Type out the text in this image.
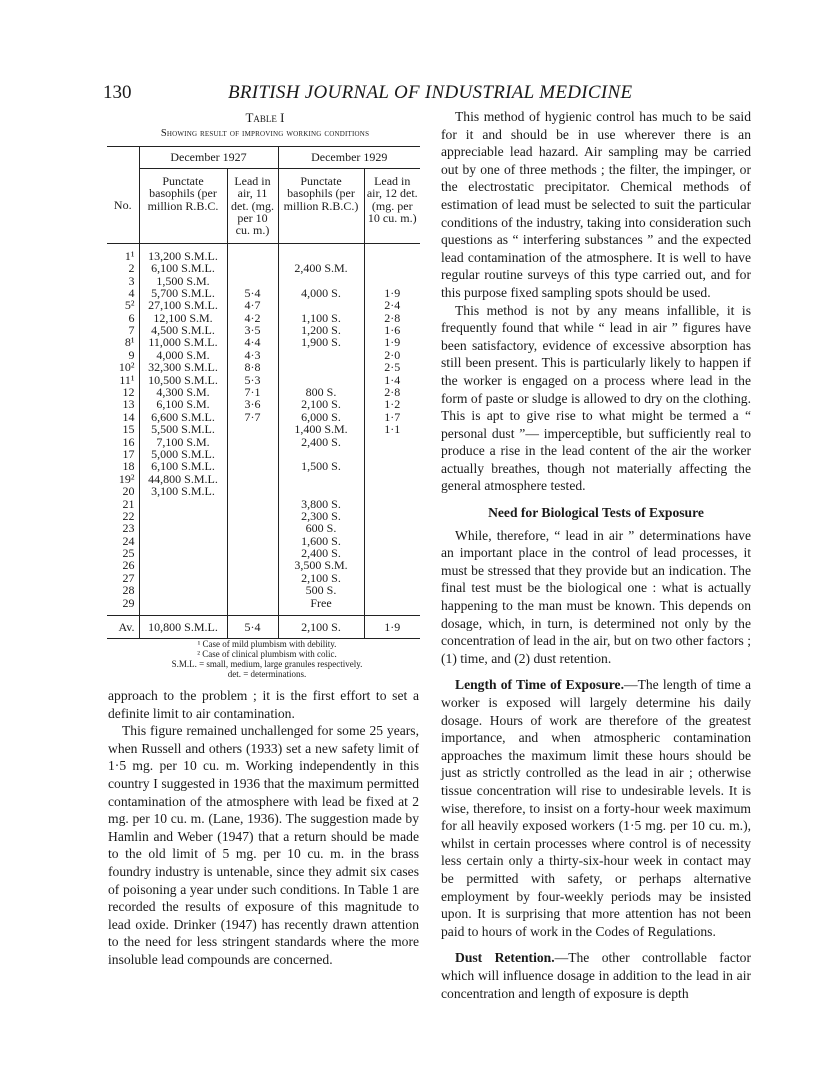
130	BRITISH JOURNAL OF INDUSTRIAL MEDICINE
Table I
Showing result of improving working conditions
	December 1927		December 1929	
No.	Punctate basophils (per million R.B.C.	Lead in air, 11 det. (mg. per 10 cu. m.)	Punctate basophils (per million R.B.C.)	Lead in air, 12 det. (mg. per 10 cu. m.)

1¹	13,200 S.M.L.			
2	6,100 S.M.L.		2,400 S.M.	
3	1,500 S.M.			
4	5,700 S.M.L.	5·4	4,000 S.	1·9
5²	27,100 S.M.L.	4·7		2·4
6	12,100 S.M.	4·2	1,100 S.	2·8
7	4,500 S.M.L.	3·5	1,200 S.	1·6
8¹	11,000 S.M.L.	4·4	1,900 S.	1·9
9	4,000 S.M.	4·3		2·0
10²	32,300 S.M.L.	8·8		2·5
11¹	10,500 S.M.L.	5·3		1·4
12	4,300 S.M.	7·1	800 S.	2·8
13	6,100 S.M.	3·6	2,100 S.	1·2
14	6,600 S.M.L.	7·7	6,000 S.	1·7
15	5,500 S.M.L.		1,400 S.M.	1·1
16	7,100 S.M.		2,400 S.	
17	5,000 S.M.L.			
18	6,100 S.M.L.		1,500 S.	
19²	44,800 S.M.L.			
20	3,100 S.M.L.			
21			3,800 S.	
22			2,300 S.	
23			600 S.	
24			1,600 S.	
25			2,400 S.	
26			3,500 S.M.	
27			2,100 S.	
28			500 S.	
29			Free	

Av.	10,800 S.M.L.	5·4	2,100 S.	1·9
¹ Case of mild plumbism with debility.
² Case of clinical plumbism with colic.
S.M.L. = small, medium, large granules respectively.
det. = determinations.

approach to the problem ; it is the first effort to set a definite limit to air contamination.

This figure remained unchallenged for some 25 years, when Russell and others (1933) set a new safety limit of 1·5 mg. per 10 cu. m. Working independently in this country I suggested in 1936 that the maximum permitted contamination of the atmosphere with lead be fixed at 2 mg. per 10 cu. m. (Lane, 1936). The suggestion made by Hamlin and Weber (1947) that a return should be made to the old limit of 5 mg. per 10 cu. m. in the brass foundry industry is untenable, since they admit six cases of poisoning a year under such conditions. In Table 1 are recorded the results of exposure of this magnitude to lead oxide. Drinker (1947) has recently drawn attention to the need for less stringent standards where the more insoluble lead compounds are concerned.

This method of hygienic control has much to be said for it and should be in use wherever there is an appreciable lead hazard. Air sampling may be carried out by one of three methods ; the filter, the impinger, or the electrostatic precipitator. Chemical methods of estimation of lead must be selected to suit the particular conditions of the industry, taking into consideration such questions as “ interfering substances ” and the expected lead contamination of the atmosphere. It is well to have regular routine surveys of this type carried out, and for this purpose fixed sampling spots should be used.

This method is not by any means infallible, it is frequently found that while “ lead in air ” figures have been satisfactory, evidence of excessive absorption has still been present. This is particularly likely to happen if the worker is engaged on a process where lead in the form of paste or sludge is allowed to dry on the clothing. This is apt to give rise to what might be termed a “ personal dust ”— imperceptible, but sufficiently real to produce a rise in the lead content of the air the worker actually breathes, though not materially affecting the general atmosphere tested.

Need for Biological Tests of Exposure

While, therefore, “ lead in air ” determinations have an important place in the control of lead processes, it must be stressed that they provide but an indication. The final test must be the biological one : what is actually happening to the man must be known. This depends on dosage, which, in turn, is determined not only by the concentration of lead in the air, but on two other factors ; (1) time, and (2) dust retention.

Length of Time of Exposure.—The length of time a worker is exposed will largely determine his daily dosage. Hours of work are therefore of the greatest importance, and when atmospheric contamination approaches the maximum limit these hours should be just as strictly controlled as the lead in air ; otherwise tissue concentration will rise to undesirable levels. It is wise, therefore, to insist on a forty-hour week maximum for all heavily exposed workers (1·5 mg. per 10 cu. m.), whilst in certain processes where control is of necessity less certain only a thirty-six-hour week in contact may be permitted with safety, or perhaps alternative employment by four-weekly periods may be insisted upon. It is surprising that more attention has not been paid to hours of work in the Codes of Regulations.

Dust Retention.—The other controllable factor which will influence dosage in addition to the lead in air concentration and length of exposure is depth
